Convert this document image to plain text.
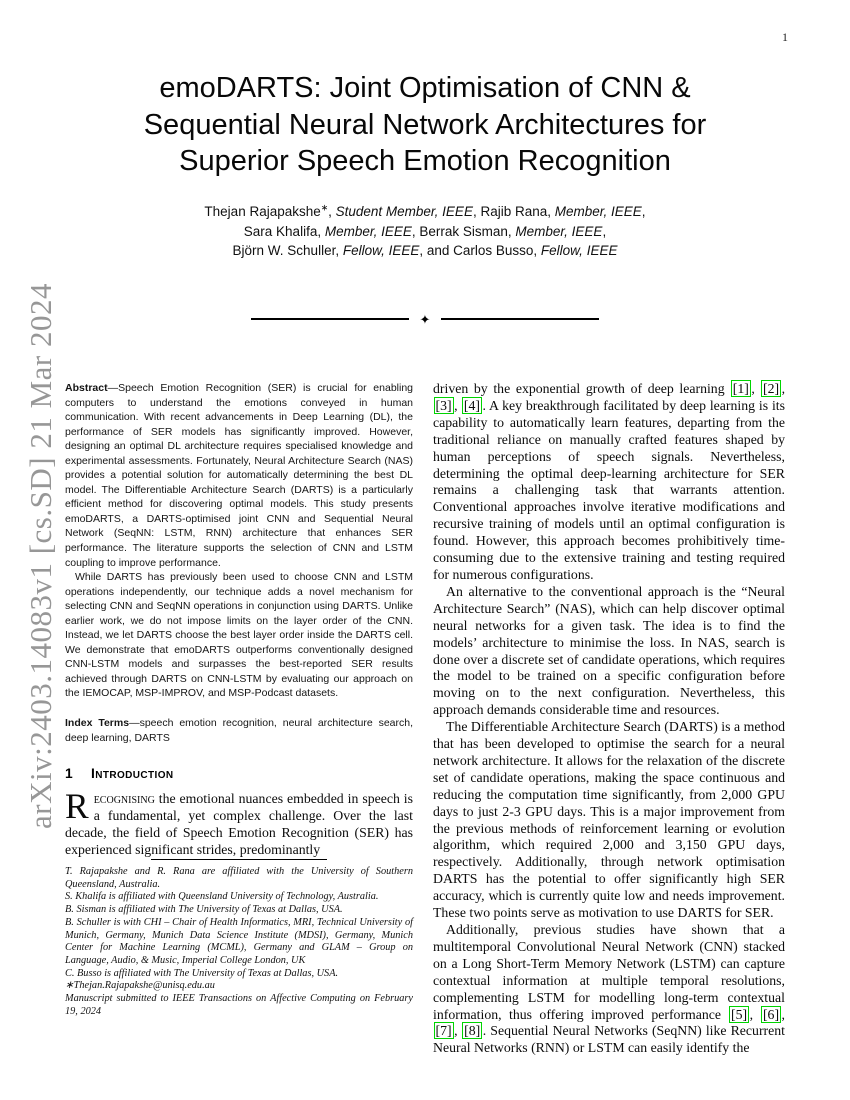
arXiv:2403.14083v1 [cs.SD] 21 Mar 2024
1
emoDARTS: Joint Optimisation of CNN &
Sequential Neural Network Architectures for
Superior Speech Emotion Recognition
Thejan Rajapakshe∗, Student Member, IEEE, Rajib Rana, Member, IEEE,
Sara Khalifa, Member, IEEE, Berrak Sisman, Member, IEEE,
Björn W. Schuller, Fellow, IEEE, and Carlos Busso, Fellow, IEEE
✦

Abstract—Speech Emotion Recognition (SER) is crucial for enabling computers to understand the emotions conveyed in human communication. With recent advancements in Deep Learning (DL), the performance of SER models has significantly improved. However, designing an optimal DL architecture requires specialised knowledge and experimental assessments. Fortunately, Neural Architecture Search (NAS) provides a potential solution for automatically determining the best DL model. The Differentiable Architecture Search (DARTS) is a particularly efficient method for discovering optimal models. This study presents emoDARTS, a DARTS-optimised joint CNN and Sequential Neural Network (SeqNN: LSTM, RNN) architecture that enhances SER performance. The literature supports the selection of CNN and LSTM coupling to improve performance.

While DARTS has previously been used to choose CNN and LSTM operations independently, our technique adds a novel mechanism for selecting CNN and SeqNN operations in conjunction using DARTS. Unlike earlier work, we do not impose limits on the layer order of the CNN. Instead, we let DARTS choose the best layer order inside the DARTS cell. We demonstrate that emoDARTS outperforms conventionally designed CNN-LSTM models and surpasses the best-reported SER results achieved through DARTS on CNN-LSTM by evaluating our approach on the IEMOCAP, MSP-IMPROV, and MSP-Podcast datasets.

Index Terms—speech emotion recognition, neural architecture search, deep learning, DARTS

1 Introduction

Recognising the emotional nuances embedded in speech is a fundamental, yet complex challenge. Over the last decade, the field of Speech Emotion Recognition (SER) has experienced significant strides, predominantly

driven by the exponential growth of deep learning [1] , [2] , [3] , [4] . A key breakthrough facilitated by deep learning is its capability to automatically learn features, departing from the traditional reliance on manually crafted features shaped by human perceptions of speech signals. Nevertheless, determining the optimal deep-learning architecture for SER remains a challenging task that warrants attention. Conventional approaches involve iterative modifications and recursive training of models until an optimal configuration is found. However, this approach becomes prohibitively time-consuming due to the extensive training and testing required for numerous configurations.

An alternative to the conventional approach is the “Neural Architecture Search” (NAS), which can help discover optimal neural networks for a given task. The idea is to find the models’ architecture to minimise the loss. In NAS, search is done over a discrete set of candidate operations, which requires the model to be trained on a specific configuration before moving on to the next configuration. Nevertheless, this approach demands considerable time and resources.

The Differentiable Architecture Search (DARTS) is a method that has been developed to optimise the search for a neural network architecture. It allows for the relaxation of the discrete set of candidate operations, making the space continuous and reducing the computation time significantly, from 2,000 GPU days to just 2-3 GPU days. This is a major improvement from the previous methods of reinforcement learning or evolution algorithm, which required 2,000 and 3,150 GPU days, respectively. Additionally, through network optimisation DARTS has the potential to offer significantly high SER accuracy, which is currently quite low and needs improvement. These two points serve as motivation to use DARTS for SER.

Additionally, previous studies have shown that a multitemporal Convolutional Neural Network (CNN) stacked on a Long Short-Term Memory Network (LSTM) can capture contextual information at multiple temporal resolutions, complementing LSTM for modelling long-term contextual information, thus offering improved performance [5] , [6] , [7] , [8] . Sequential Neural Networks (SeqNN) like Recurrent Neural Networks (RNN) or LSTM can easily identify the

T. Rajapakshe and R. Rana are affiliated with the University of Southern Queensland, Australia.

S. Khalifa is affiliated with Queensland University of Technology, Australia.

B. Sisman is affiliated with The University of Texas at Dallas, USA.

B. Schuller is with CHI – Chair of Health Informatics, MRI, Technical University of Munich, Germany, Munich Data Science Institute (MDSI), Germany, Munich Center for Machine Learning (MCML), Germany and GLAM – Group on Language, Audio, & Music, Imperial College London, UK

C. Busso is affiliated with The University of Texas at Dallas, USA.

∗Thejan.Rajapakshe@unisq.edu.au

Manuscript submitted to IEEE Transactions on Affective Computing on February 19, 2024
